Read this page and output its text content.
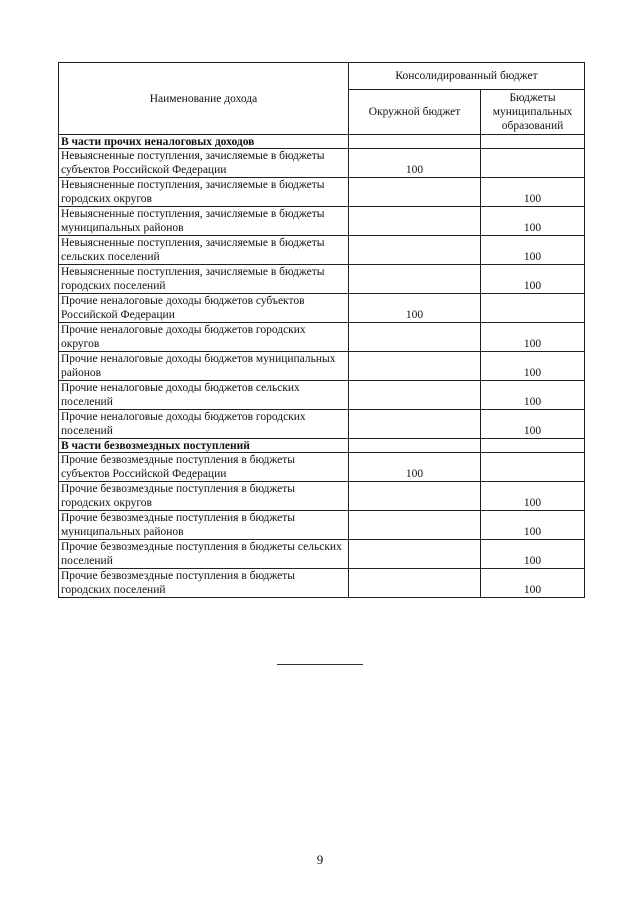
Наименование дохода	Консолидированный бюджет	
	Окружной бюджет	Бюджеты муниципальных образований
В части прочих неналоговых доходов		
Невыясненные поступления, зачисляемые в бюджеты субъектов Российской Федерации	100	
Невыясненные поступления, зачисляемые в бюджеты городских округов		100
Невыясненные поступления, зачисляемые в бюджеты муниципальных районов		100
Невыясненные поступления, зачисляемые в бюджеты сельских поселений		100
Невыясненные поступления, зачисляемые в бюджеты городских поселений		100
Прочие неналоговые доходы бюджетов субъектов Российской Федерации	100	
Прочие неналоговые доходы бюджетов городских округов		100
Прочие неналоговые доходы бюджетов муниципальных районов		100
Прочие неналоговые доходы бюджетов сельских поселений		100
Прочие неналоговые доходы бюджетов городских поселений		100
В части безвозмездных поступлений		
Прочие безвозмездные поступления в бюджеты субъектов Российской Федерации	100	
Прочие безвозмездные поступления в бюджеты городских округов		100
Прочие безвозмездные поступления в бюджеты муниципальных районов		100
Прочие безвозмездные поступления в бюджеты сельских поселений		100
Прочие безвозмездные поступления в бюджеты городских поселений		100
9
